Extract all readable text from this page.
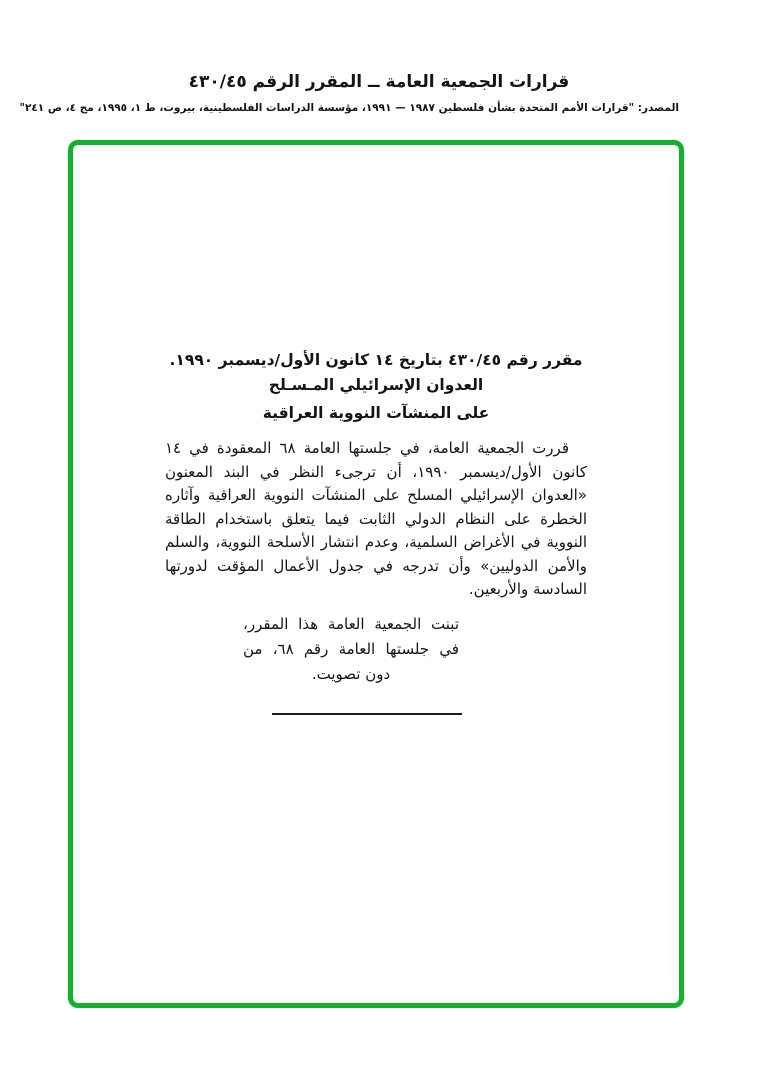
قرارات الجمعية العامة ــ المقرر الرقم ٤٣٠/٤٥

المصدر: "قرارات الأمم المتحدة بشأن فلسطين ١٩٨٧ — ١٩٩١، مؤسسة الدراسات الفلسطينية، بيروت، ط ١، ١٩٩٥، مج ٤، ص ٢٤١"

مقرر رقم ٤٣٠/٤٥ بتاريخ ١٤ كانون الأول/ديسمبر ١٩٩٠.

العدوان الإسرائيلي المـسـلح

على المنشآت النووية العراقية

قررت الجمعية العامة، في جلستها العامة ٦٨ المعقودة في ١٤ كانون الأول/ديسمبر ١٩٩٠، أن ترجىء النظر في البند المعنون «العدوان الإسرائيلي المسلح على المنشآت النووية العراقية وآثاره الخطرة على النظام الدولي الثابت فيما يتعلق باستخدام الطاقة النووية في الأغراض السلمية، وعدم انتشار الأسلحة النووية، والسلم والأمن الدوليين» وأن تدرجه في جدول الأعمال المؤقت لدورتها السادسة والأربعين.

تبنت الجمعية العامة هذا المقرر، في جلستها العامة رقم ٦٨، من دون تصويت.
